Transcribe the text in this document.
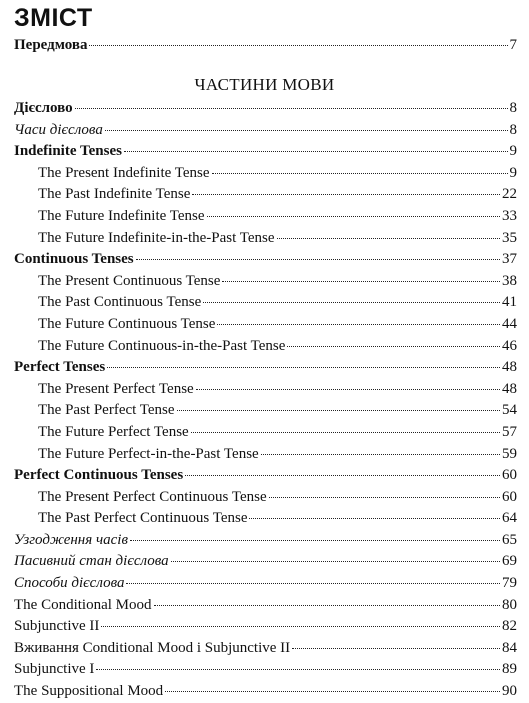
ЗМІСТ
Передмова	7
ЧАСТИНИ МОВИ
Дієслово	8
Часи дієслова	8
Indefinite Tenses	9
The Present Indefinite Tense	9
The Past Indefinite Tense	22
The Future Indefinite Tense	33
The Future Indefinite-in-the-Past Tense	35
Continuous Tenses	37
The Present Continuous Tense	38
The Past Continuous Tense	41
The Future Continuous Tense	44
The Future Continuous-in-the-Past Tense	46
Perfect Tenses	48
The Present Perfect Tense	48
The Past Perfect Tense	54
The Future Perfect Tense	57
The Future Perfect-in-the-Past Tense	59
Perfect Continuous Tenses	60
The Present Perfect Continuous Tense	60
The Past Perfect Continuous Tense	64
Узгодження часів	65
Пасивний стан дієслова	69
Способи дієслова	79
The Conditional Mood	80
Subjunctive II	82
Вживання Conditional Mood і Subjunctive II	84
Subjunctive I	89
The Suppositional Mood	90
